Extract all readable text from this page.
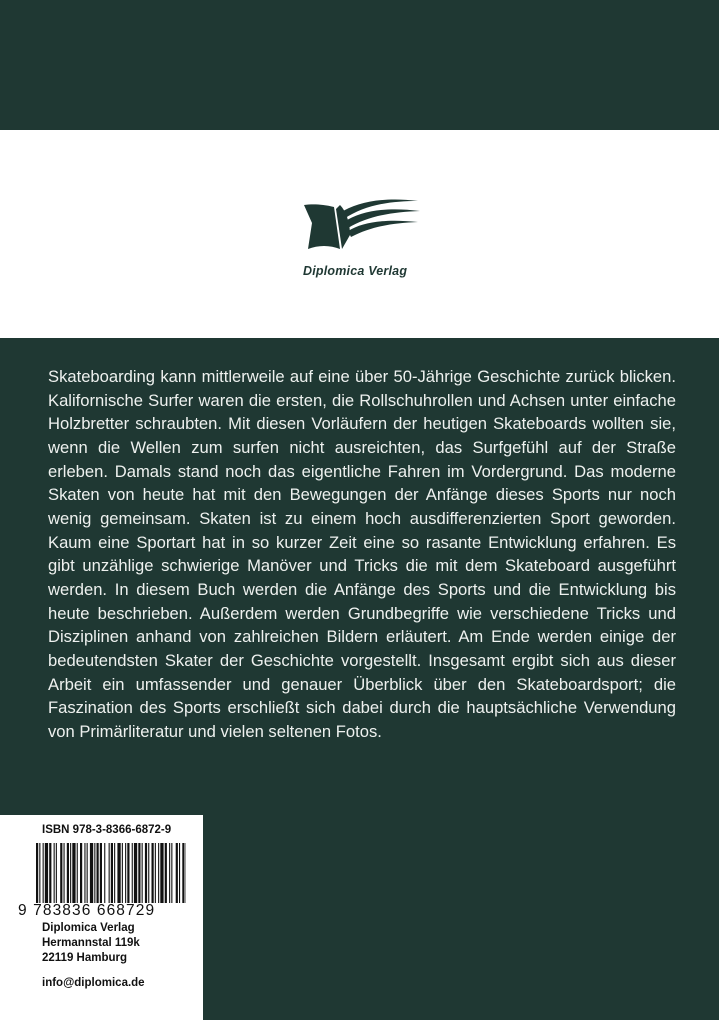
Diplomica Verlag

Skateboarding kann mittlerweile auf eine über 50-Jährige Geschichte zurück blicken. Kalifornische Surfer waren die ersten, die Rollschuhrollen und Achsen unter einfache Holzbretter schraubten. Mit diesen Vorläufern der heutigen Skateboards wollten sie, wenn die Wellen zum surfen nicht ausreichten, das Surfgefühl auf der Straße erleben. Damals stand noch das eigentliche Fahren im Vordergrund. Das moderne Skaten von heute hat mit den Bewegungen der Anfänge dieses Sports nur noch wenig gemeinsam. Skaten ist zu einem hoch ausdifferenzierten Sport geworden. Kaum eine Sportart hat in so kurzer Zeit eine so rasante Entwicklung erfahren. Es gibt unzählige schwierige Manöver und Tricks die mit dem Skateboard ausgeführt werden. In diesem Buch werden die Anfänge des Sports und die Entwicklung bis heute beschrieben. Außerdem werden Grundbegriffe wie verschiedene Tricks und Disziplinen anhand von zahlreichen Bildern erläutert. Am Ende werden einige der bedeutendsten Skater der Geschichte vorgestellt. Insgesamt ergibt sich aus dieser Arbeit ein umfassender und genauer Überblick über den Skateboardsport; die Faszination des Sports erschließt sich dabei durch die hauptsächliche Verwendung von Primärliteratur und vielen seltenen Fotos.

ISBN 978-3-8366-6872-9
9 783836 668729
Diplomica Verlag
Hermannstal 119k
22119 Hamburg
info@diplomica.de
